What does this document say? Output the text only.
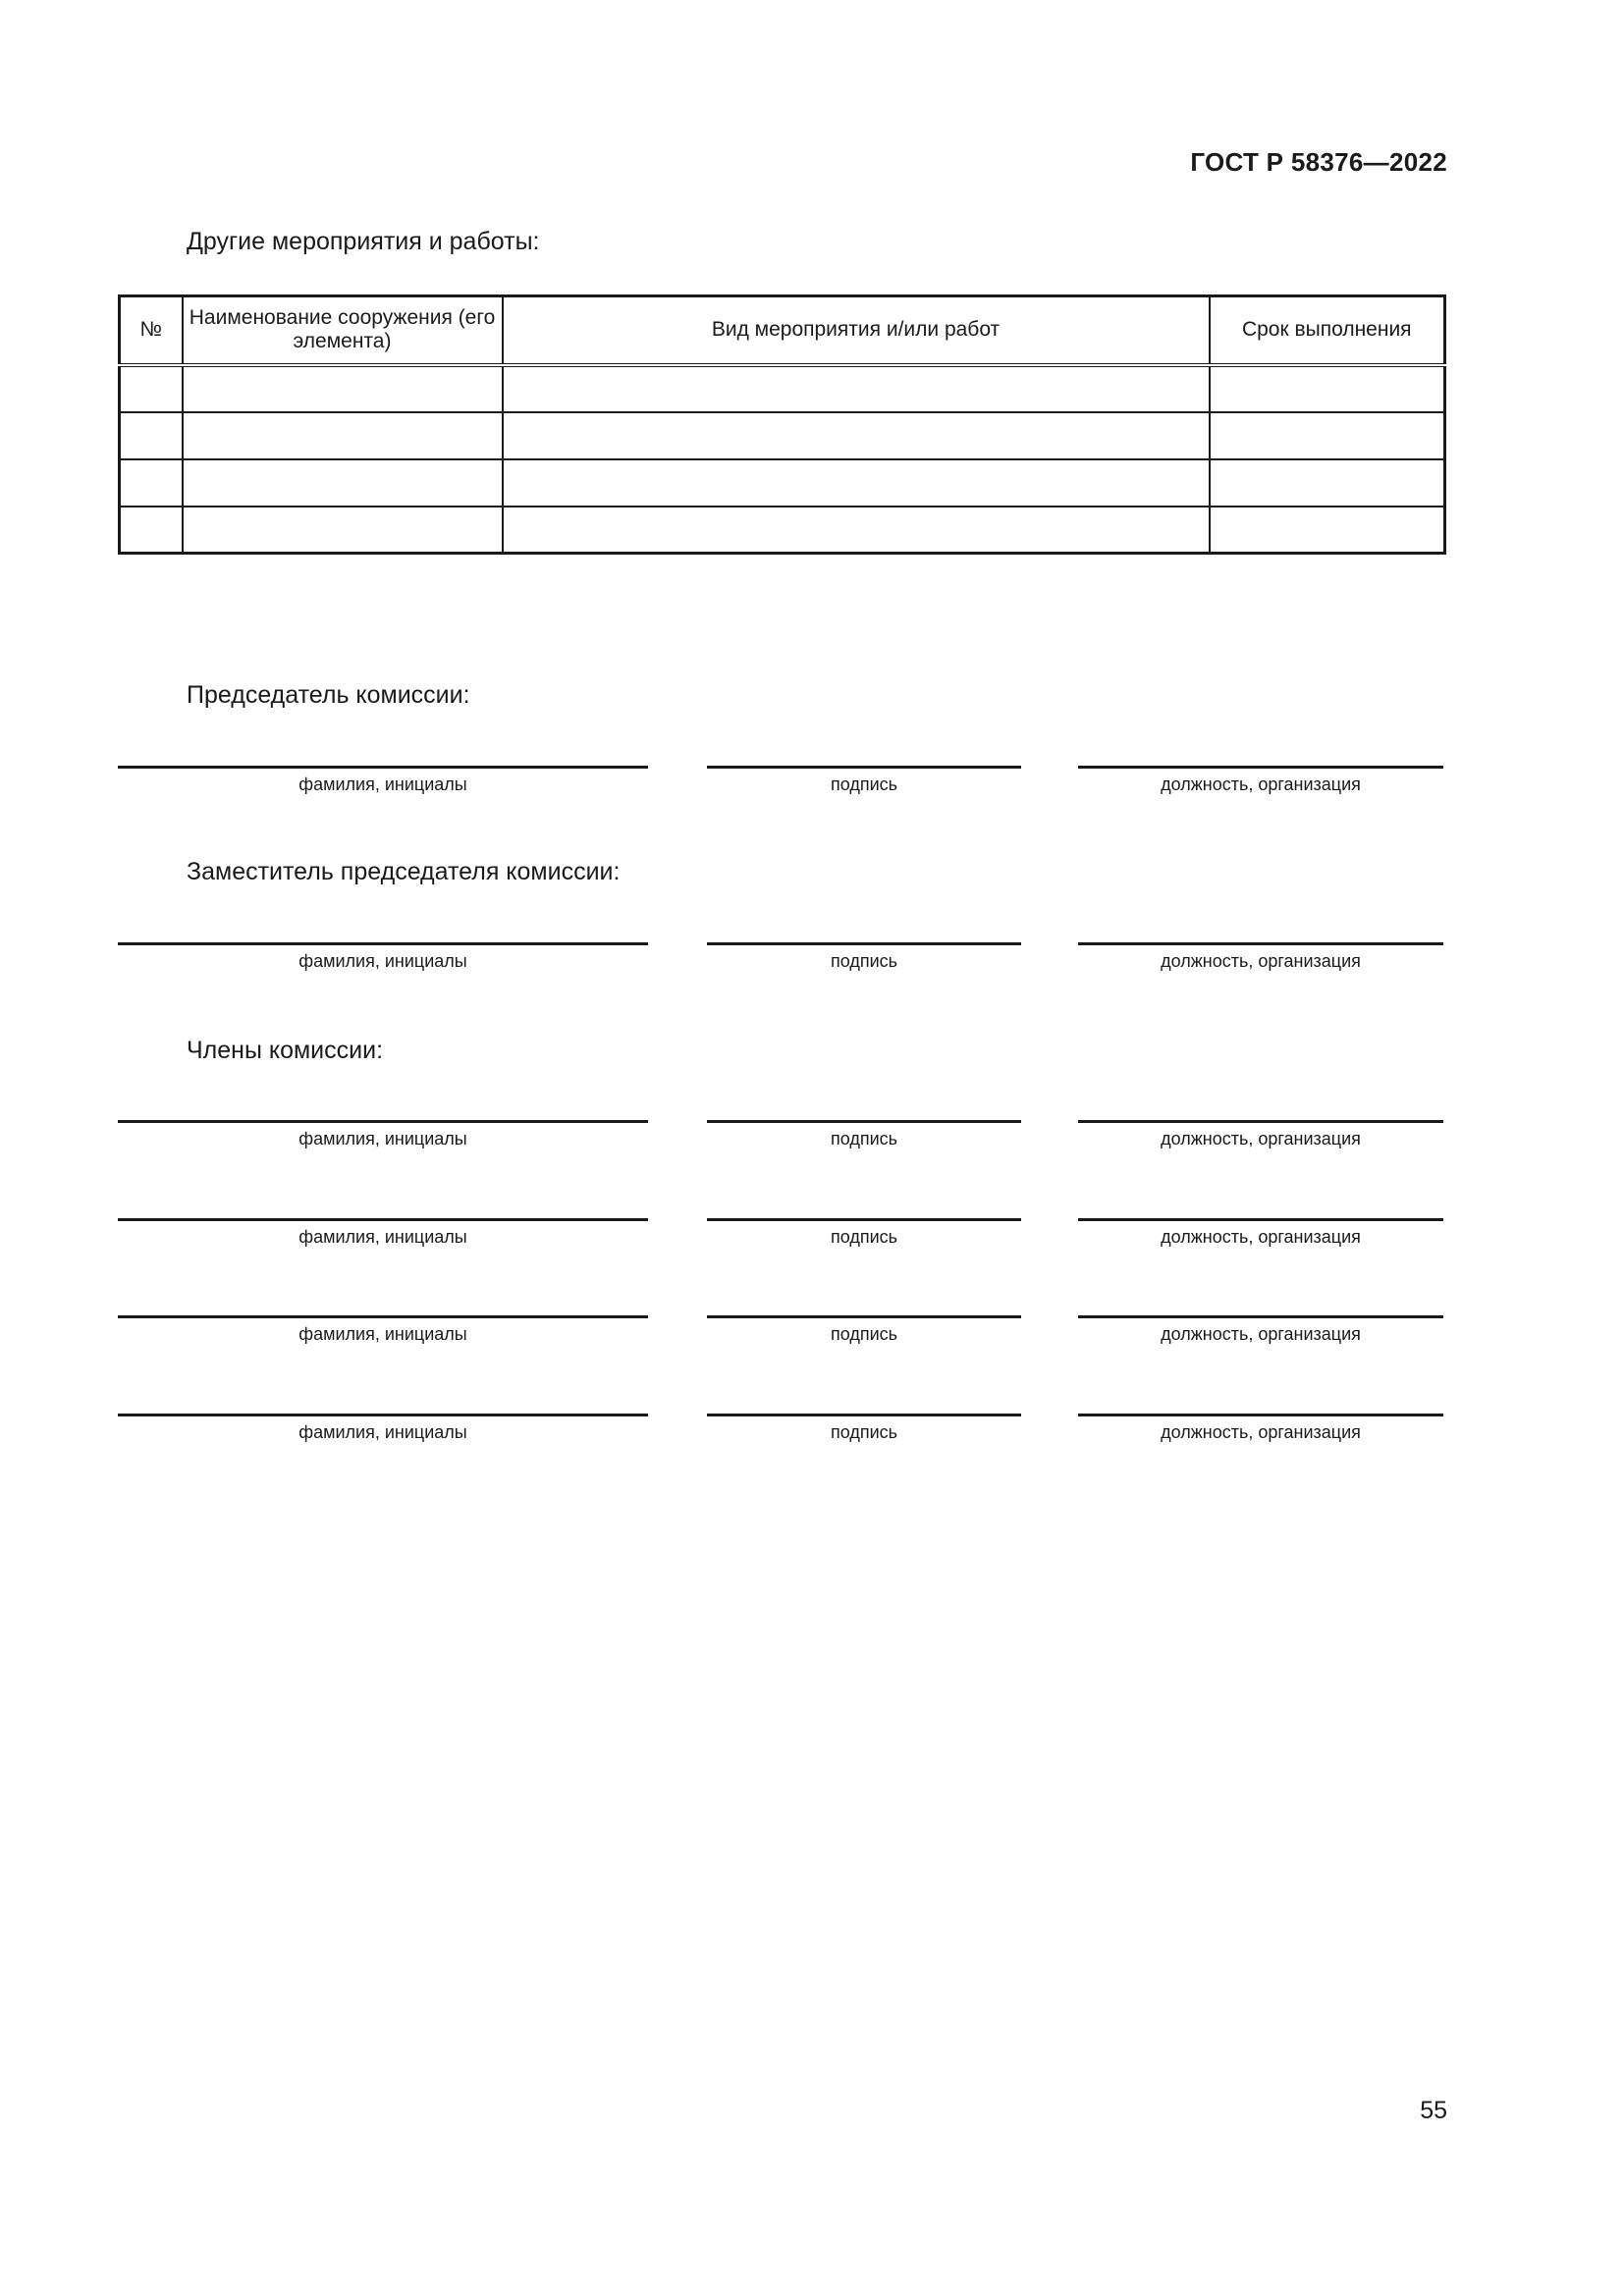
ГОСТ Р 58376—2022
Другие мероприятия и работы:
№	Наименование сооружения (его элемента)	Вид мероприятия и/или работ	Срок выполнения

Председатель комиссии:
фамилия, инициалы	подпись	должность, организация
Заместитель председателя комиссии:
фамилия, инициалы	подпись	должность, организация
Члены комиссии:
фамилия, инициалы	подпись	должность, организация
фамилия, инициалы	подпись	должность, организация
фамилия, инициалы	подпись	должность, организация
фамилия, инициалы	подпись	должность, организация
55
